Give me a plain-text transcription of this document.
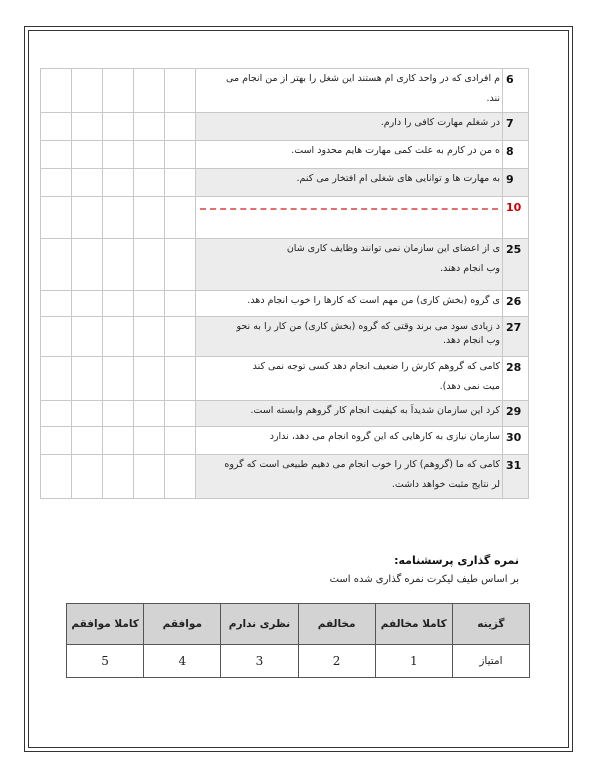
					م افرادی که در واحد کاری ام هستند این شغل را بهتر از من انجام می
نند.	6

					در شغلم مهارت کافی را دارم.	7

					ه من در کارم به علت کمی مهارت هایم محدود است.	8

					به مهارت ها و توانایی های شغلی ام افتخار می کنم.	9

	10

					ی از اعضای این سازمان نمی توانند وظایف کاری شان
وب انجام دهند.	25

					ی گروه (بخش کاری) من مهم است که کارها را خوب انجام دهد.	26

					د زیادی سود می برند وقتی که گروه (بخش کاری) من کار را به نحو
وب انجام دهد.	27

					کامی که گروهم کارش را ضعیف انجام دهد کسی توجه نمی کند
میت نمی دهد).	28

					کرد این سازمان شدیداً به کیفیت انجام کار گروهم وابسته است.	29

					سازمان نیازی به کارهایی که این گروه انجام می دهد، ندارد	30

					کامی که ما (گروهم) کار را خوب انجام می دهیم طبیعی است که گروه
لر نتایج مثبت خواهد داشت.	31
نمره گذاری پرسشنامه:
بر اساس طیف لیکرت نمره گذاری شده است
گزینه	کاملا مخالفم	مخالفم	نظری ندارم	موافقم	کاملا موافقم
امتیاز	1	2	3	4	5
